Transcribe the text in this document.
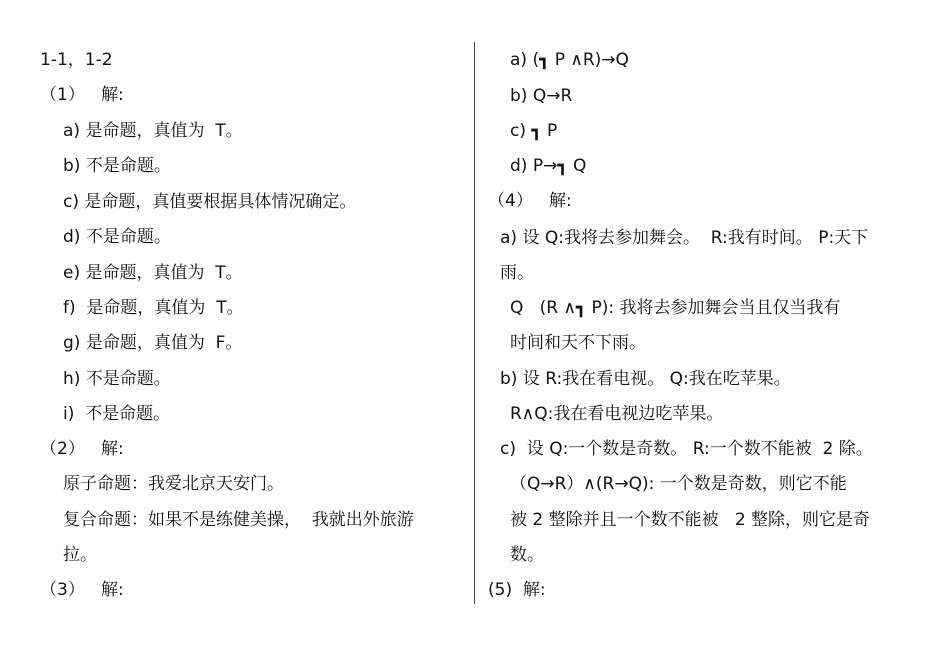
1-1，1-2
（1）   解:
a) 是命题，真值为  T。
b) 不是命题。
c) 是命题，真值要根据具体情况确定。
d) 不是命题。
e) 是命题，真值为  T。
f)  是命题，真值为  T。
g) 是命题，真值为  F。
h) 不是命题。
i)  不是命题。
（2）   解:
原子命题：我爱北京天安门。
复合命题：如果不是练健美操，  我就出外旅游
拉。
（3）   解:
a) (┓ P ∧R)→Q
b) Q→R
c) ┓ P
d) P→┓ Q
（4）   解:
a) 设 Q:我将去参加舞会。  R:我有时间。 P:天下
雨。
Q   (R ∧┓ P): 我将去参加舞会当且仅当我有
时间和天不下雨。
b) 设 R:我在看电视。 Q:我在吃苹果。
R∧Q:我在看电视边吃苹果。
c)  设 Q:一个数是奇数。 R:一个数不能被  2 除。
（Q→R）∧(R→Q): 一个数是奇数，则它不能
被 2 整除并且一个数不能被   2 整除，则它是奇
数。
(5)  解:
